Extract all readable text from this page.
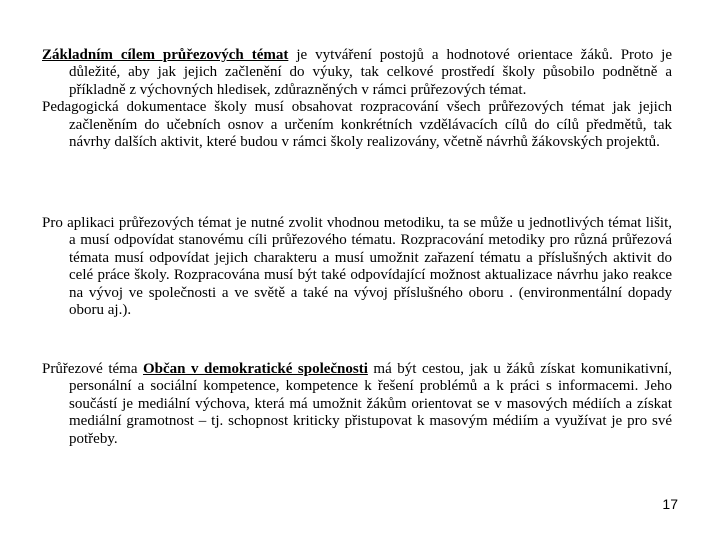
Základním cílem průřezových témat je vytváření postojů a hodnotové orientace žáků. Proto je důležité, aby jak jejich začlenění do výuky, tak celkové prostředí školy působilo podnětně a příkladně z výchovných hledisek, zdůrazněných v rámci průřezových témat.

Pedagogická dokumentace školy musí obsahovat rozpracování všech průřezových témat jak jejich začleněním do učebních osnov a určením konkrétních vzdělávacích cílů do cílů předmětů, tak návrhy dalších aktivit, které budou v rámci školy realizovány, včetně návrhů žákovských projektů.

Pro aplikaci průřezových témat je nutné zvolit vhodnou metodiku, ta se může u jednotlivých témat lišit, a musí odpovídat stanovému cíli průřezového tématu. Rozpracování metodiky pro různá průřezová témata musí odpovídat jejich charakteru a musí umožnit zařazení tématu a příslušných aktivit do celé práce školy. Rozpracována musí být také odpovídající možnost aktualizace návrhu jako reakce na vývoj ve společnosti a ve světě a také na vývoj příslušného oboru . (environmentální dopady oboru aj.).

Průřezové téma Občan v demokratické společnosti má být cestou, jak u žáků získat komunikativní, personální a sociální kompetence, kompetence k řešení problémů a k práci s informacemi. Jeho součástí je mediální výchova, která má umožnit žákům orientovat se v masových médiích a získat mediální gramotnost – tj. schopnost kriticky přistupovat k masovým médiím a využívat je pro své potřeby.

17
